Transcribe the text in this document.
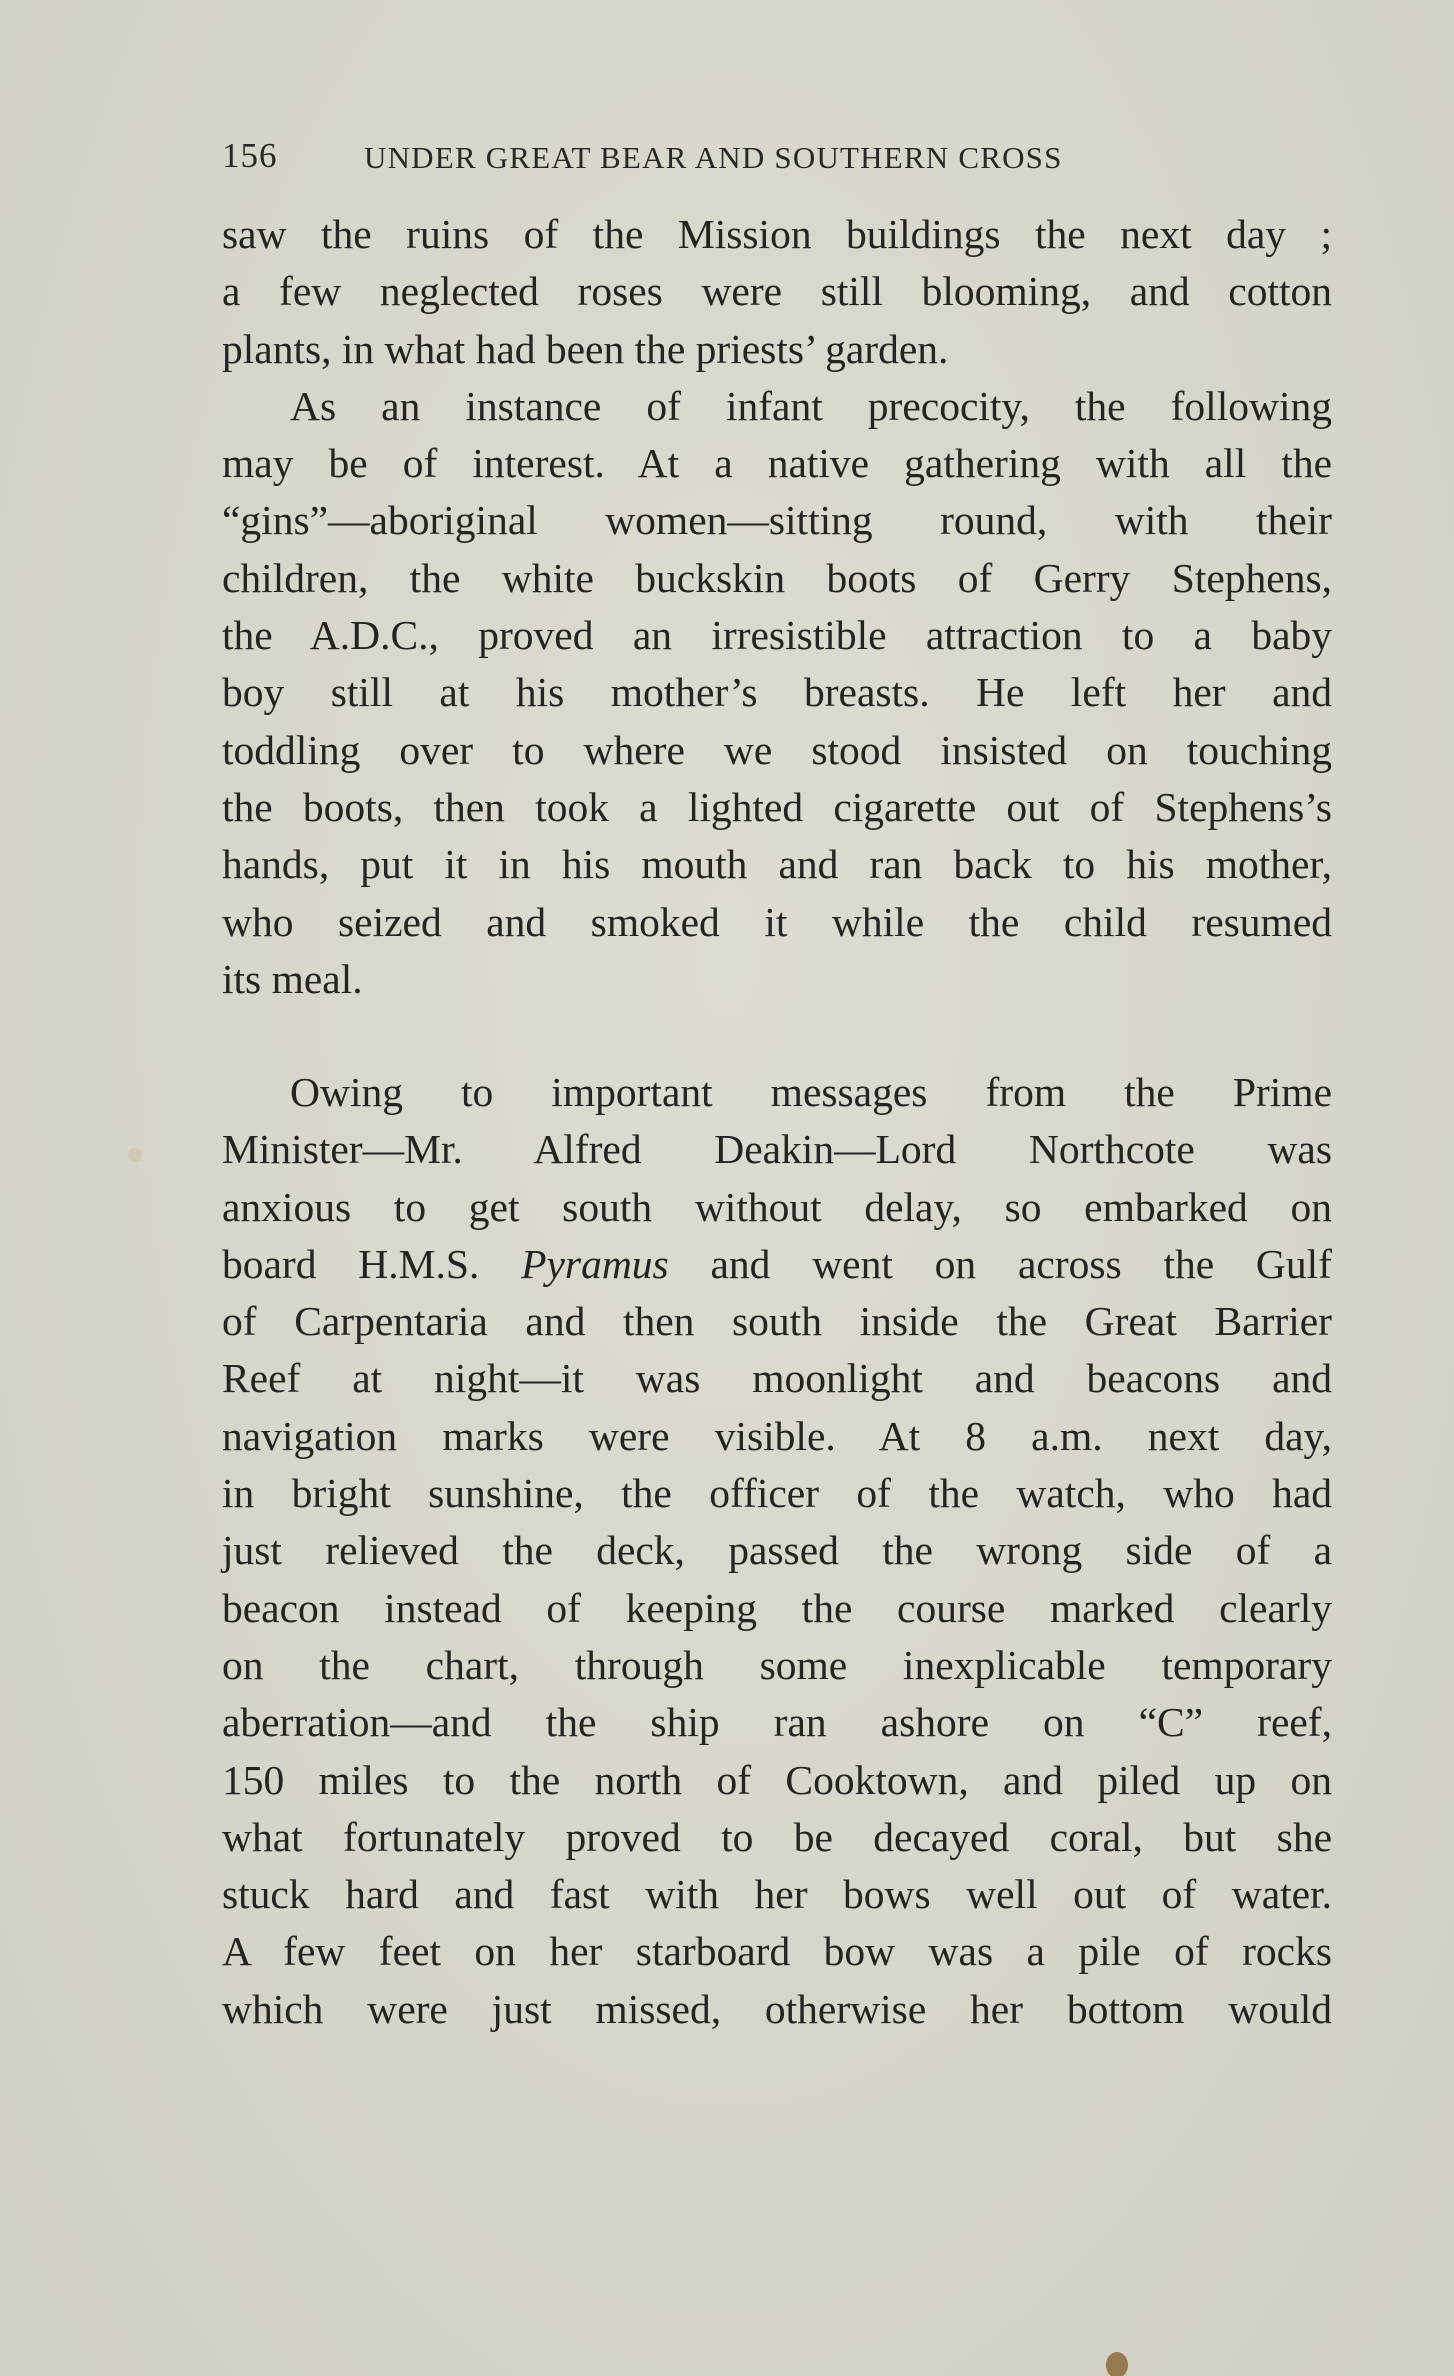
156	UNDER GREAT BEAR AND SOUTHERN CROSS
saw the ruins of the Mission buildings the next day ;
a few neglected roses were still blooming, and cotton
plants, in what had been the priests’ garden.
As an instance of infant precocity, the following
may be of interest. At a native gathering with all the
“gins”—aboriginal women—sitting round, with their
children, the white buckskin boots of Gerry Stephens,
the A.D.C., proved an irresistible attraction to a baby
boy still at his mother’s breasts. He left her and
toddling over to where we stood insisted on touching
the boots, then took a lighted cigarette out of Stephens’s
hands, put it in his mouth and ran back to his mother,
who seized and smoked it while the child resumed
its meal.
Owing to important messages from the Prime
Minister—Mr. Alfred Deakin—Lord Northcote was
anxious to get south without delay, so embarked on
board H.M.S. Pyramus and went on across the Gulf
of Carpentaria and then south inside the Great Barrier
Reef at night—it was moonlight and beacons and
navigation marks were visible. At 8 a.m. next day,
in bright sunshine, the officer of the watch, who had
just relieved the deck, passed the wrong side of a
beacon instead of keeping the course marked clearly
on the chart, through some inexplicable temporary
aberration—and the ship ran ashore on “C” reef,
150 miles to the north of Cooktown, and piled up on
what fortunately proved to be decayed coral, but she
stuck hard and fast with her bows well out of water.
A few feet on her starboard bow was a pile of rocks
which were just missed, otherwise her bottom would
